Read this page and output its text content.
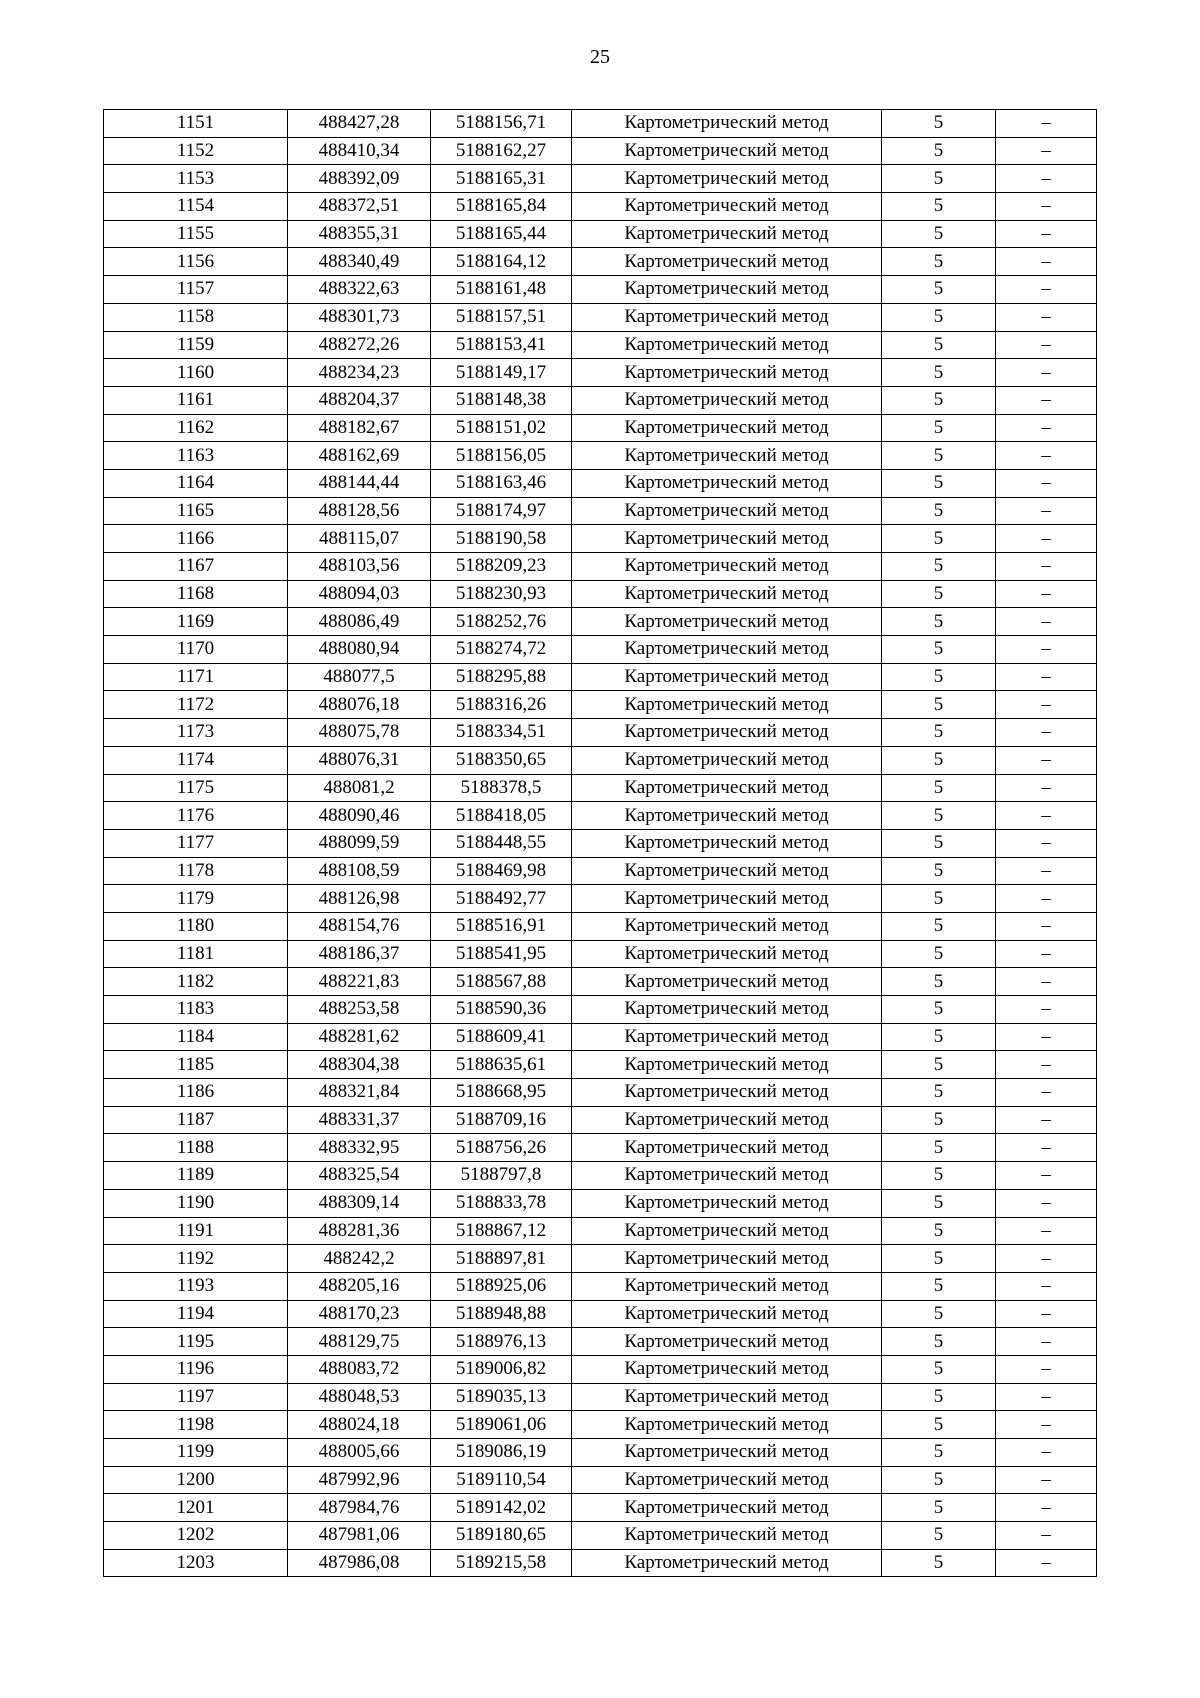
25
1151	488427,28	5188156,71	Картометрический метод	5	–
1152	488410,34	5188162,27	Картометрический метод	5	–
1153	488392,09	5188165,31	Картометрический метод	5	–
1154	488372,51	5188165,84	Картометрический метод	5	–
1155	488355,31	5188165,44	Картометрический метод	5	–
1156	488340,49	5188164,12	Картометрический метод	5	–
1157	488322,63	5188161,48	Картометрический метод	5	–
1158	488301,73	5188157,51	Картометрический метод	5	–
1159	488272,26	5188153,41	Картометрический метод	5	–
1160	488234,23	5188149,17	Картометрический метод	5	–
1161	488204,37	5188148,38	Картометрический метод	5	–
1162	488182,67	5188151,02	Картометрический метод	5	–
1163	488162,69	5188156,05	Картометрический метод	5	–
1164	488144,44	5188163,46	Картометрический метод	5	–
1165	488128,56	5188174,97	Картометрический метод	5	–
1166	488115,07	5188190,58	Картометрический метод	5	–
1167	488103,56	5188209,23	Картометрический метод	5	–
1168	488094,03	5188230,93	Картометрический метод	5	–
1169	488086,49	5188252,76	Картометрический метод	5	–
1170	488080,94	5188274,72	Картометрический метод	5	–
1171	488077,5	5188295,88	Картометрический метод	5	–
1172	488076,18	5188316,26	Картометрический метод	5	–
1173	488075,78	5188334,51	Картометрический метод	5	–
1174	488076,31	5188350,65	Картометрический метод	5	–
1175	488081,2	5188378,5	Картометрический метод	5	–
1176	488090,46	5188418,05	Картометрический метод	5	–
1177	488099,59	5188448,55	Картометрический метод	5	–
1178	488108,59	5188469,98	Картометрический метод	5	–
1179	488126,98	5188492,77	Картометрический метод	5	–
1180	488154,76	5188516,91	Картометрический метод	5	–
1181	488186,37	5188541,95	Картометрический метод	5	–
1182	488221,83	5188567,88	Картометрический метод	5	–
1183	488253,58	5188590,36	Картометрический метод	5	–
1184	488281,62	5188609,41	Картометрический метод	5	–
1185	488304,38	5188635,61	Картометрический метод	5	–
1186	488321,84	5188668,95	Картометрический метод	5	–
1187	488331,37	5188709,16	Картометрический метод	5	–
1188	488332,95	5188756,26	Картометрический метод	5	–
1189	488325,54	5188797,8	Картометрический метод	5	–
1190	488309,14	5188833,78	Картометрический метод	5	–
1191	488281,36	5188867,12	Картометрический метод	5	–
1192	488242,2	5188897,81	Картометрический метод	5	–
1193	488205,16	5188925,06	Картометрический метод	5	–
1194	488170,23	5188948,88	Картометрический метод	5	–
1195	488129,75	5188976,13	Картометрический метод	5	–
1196	488083,72	5189006,82	Картометрический метод	5	–
1197	488048,53	5189035,13	Картометрический метод	5	–
1198	488024,18	5189061,06	Картометрический метод	5	–
1199	488005,66	5189086,19	Картометрический метод	5	–
1200	487992,96	5189110,54	Картометрический метод	5	–
1201	487984,76	5189142,02	Картометрический метод	5	–
1202	487981,06	5189180,65	Картометрический метод	5	–
1203	487986,08	5189215,58	Картометрический метод	5	–
